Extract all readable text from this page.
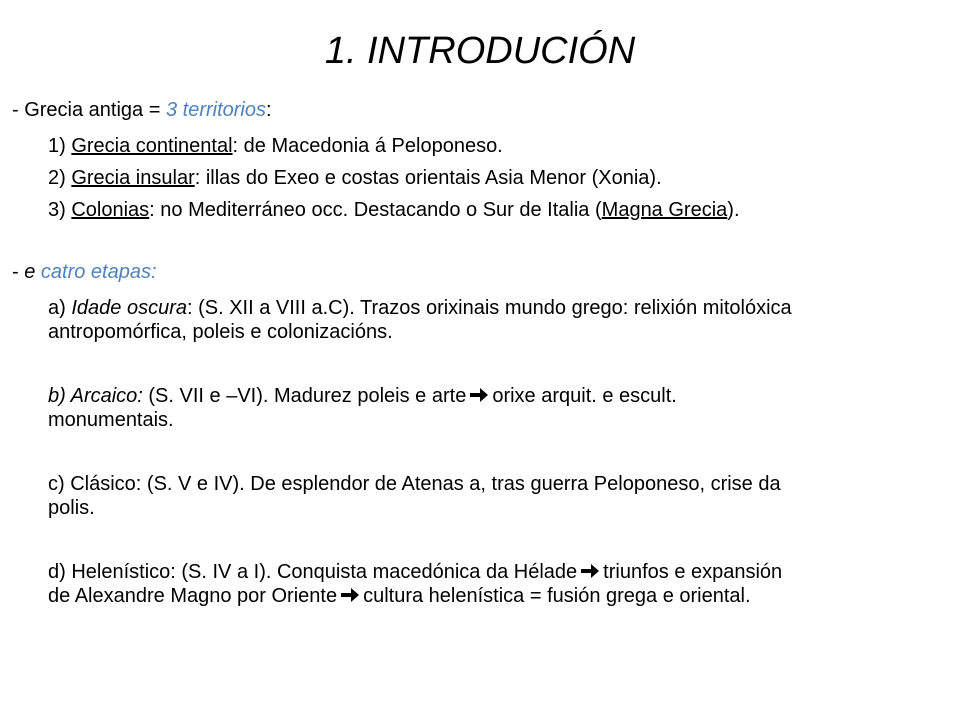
1. INTRODUCIÓN
- Grecia antiga = 3 territorios:
1) Grecia continental: de Macedonia á Peloponeso.
2) Grecia insular: illas do Exeo e costas orientais Asia Menor (Xonia).
3) Colonias: no Mediterráneo occ. Destacando o Sur de Italia (Magna Grecia).
- e catro etapas:
a) Idade oscura: (S. XII a VIII a.C). Trazos orixinais mundo grego: relixión mitolóxica
antropomórfica, poleis e colonizacións.
b) Arcaico: (S. VII e –VI). Madurez poleis e arte orixe arquit. e escult.
monumentais.
c) Clásico: (S. V e IV). De esplendor de Atenas a, tras guerra Peloponeso, crise da
polis.
d) Helenístico: (S. IV a I). Conquista macedónica da Hélade triunfos e expansión
de Alexandre Magno por Oriente cultura helenística = fusión grega e oriental.
